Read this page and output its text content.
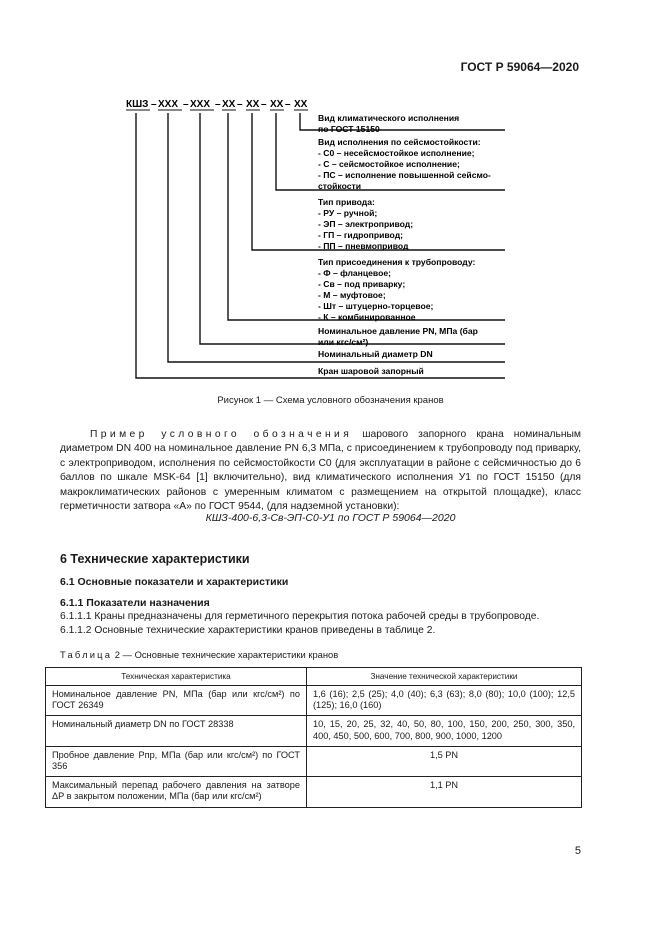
ГОСТ Р 59064—2020
КШЗ – XXX – XXX – XX – XX – XX – XX
Вид климатического исполнения
по ГОСТ 15150
Вид исполнения по сейсмостойкости:
- С0 – несейсмостойкое исполнение;
- С – сейсмостойкое исполнение;
- ПС – исполнение повышенной сейсмо-
стойкости
Тип привода:
- РУ – ручной;
- ЭП – электропривод;
- ГП – гидропривод;
- ПП – пневмопривод
Тип присоединения к трубопроводу:
- Ф – фланцевое;
- Св – под приварку;
- М – муфтовое;
- Шт – штуцерно-торцевое;
- К – комбинированное
Номинальное давление PN, МПа (бар
или кгс/см²)
Номинальный диаметр DN
Кран шаровой запорный
Рисунок 1 — Схема условного обозначения кранов
Пример условного обозначения шарового запорного крана номинальным диаметром DN 400 на номинальное давление PN 6,3 МПа, с присоединением к трубопроводу под приварку, с электроприводом, исполнения по сейсмостойкости С0 (для эксплуатации в районе с сейсмичностью до 6 баллов по шкале MSK-64 [1] включительно), вид климатического исполнения У1 по ГОСТ 15150 (для макроклиматических районов с умеренным климатом с размещением на открытой площадке), класс герметичности затвора «А» по ГОСТ 9544, (для надземной установки):
КШЗ-400-6,3-Св-ЭП-С0-У1 по ГОСТ Р 59064—2020
6 Технические характеристики
6.1 Основные показатели и характеристики
6.1.1 Показатели назначения
6.1.1.1 Краны предназначены для герметичного перекрытия потока рабочей среды в трубопроводе.
6.1.1.2 Основные технические характеристики кранов приведены в таблице 2.
Таблица 2 — Основные технические характеристики кранов
Техническая характеристика	Значение технической характеристики
Номинальное давление PN, МПа (бар или кгс/см²) по ГОСТ 26349	1,6 (16); 2,5 (25); 4,0 (40); 6,3 (63); 8,0 (80); 10,0 (100); 12,5 (125); 16,0 (160)
Номинальный диаметр DN по ГОСТ 28338	10, 15, 20, 25, 32, 40, 50, 80, 100, 150, 200, 250, 300, 350, 400, 450, 500, 600, 700, 800, 900, 1000, 1200
Пробное давление Pпр, МПа (бар или кгс/см²) по ГОСТ 356	1,5 PN
Максимальный перепад рабочего давления на затворе ΔP в закрытом положении, МПа (бар или кгс/см²)	1,1 PN
5
